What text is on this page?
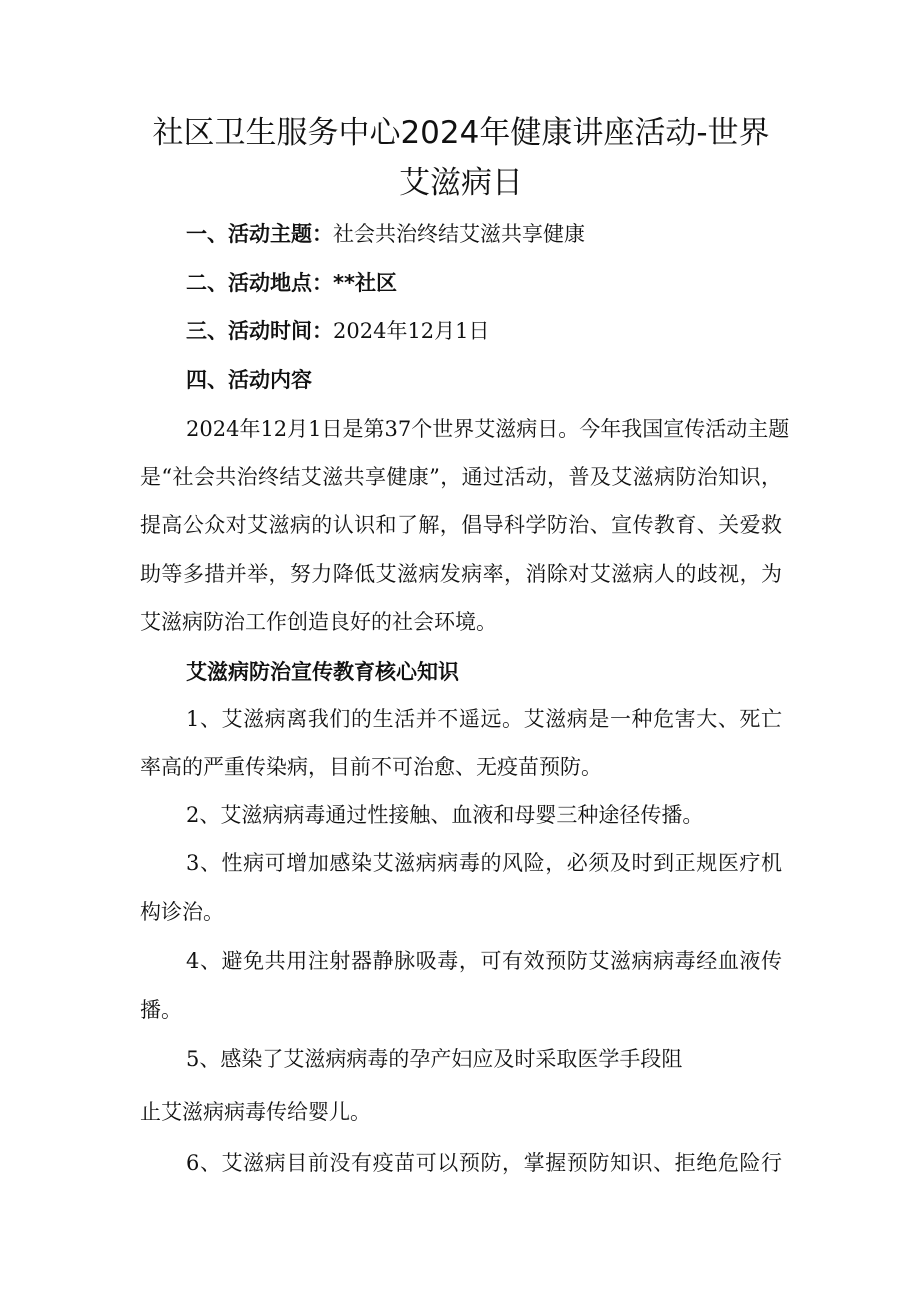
社区卫生服务中心2024年健康讲座活动-世界
艾滋病日
一、活动主题：社会共治终结艾滋共享健康
二、活动地点：**社区
三、活动时间：2024年12月1日
四、活动内容
2024年12月1日是第37个世界艾滋病日。今年我国宣传活动主题
是“社会共治终结艾滋共享健康”，通过活动，普及艾滋病防治知识，
提高公众对艾滋病的认识和了解，倡导科学防治、宣传教育、关爱救
助等多措并举，努力降低艾滋病发病率，消除对艾滋病人的歧视，为
艾滋病防治工作创造良好的社会环境。
艾滋病防治宣传教育核心知识
1、艾滋病离我们的生活并不遥远。艾滋病是一种危害大、死亡
率高的严重传染病，目前不可治愈、无疫苗预防。
2、艾滋病病毒通过性接触、血液和母婴三种途径传播。
3、性病可增加感染艾滋病病毒的风险，必须及时到正规医疗机
构诊治。
4、避免共用注射器静脉吸毒，可有效预防艾滋病病毒经血液传
播。
5、感染了艾滋病病毒的孕产妇应及时采取医学手段阻
止艾滋病病毒传给婴儿。
6、艾滋病目前没有疫苗可以预防，掌握预防知识、拒绝危险行
